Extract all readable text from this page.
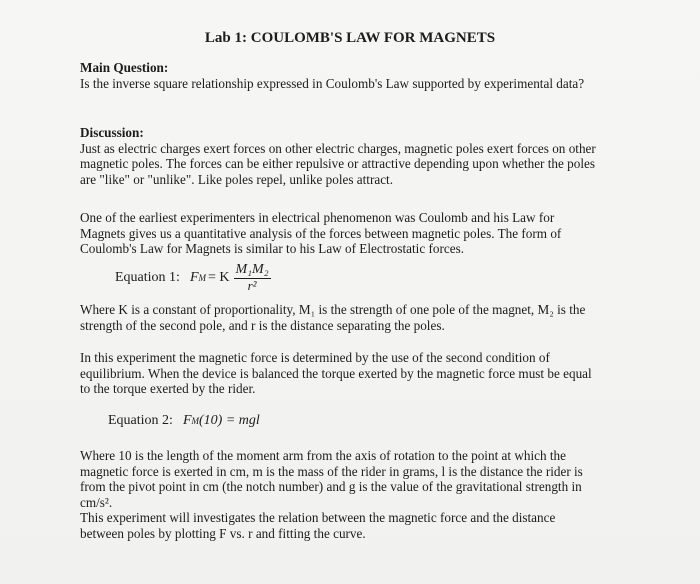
Lab 1: COULOMB'S LAW FOR MAGNETS
Main Question:

Is the inverse square relationship expressed in Coulomb's Law supported by experimental data?

Discussion:

Just as electric charges exert forces on other electric charges, magnetic poles exert forces on other magnetic poles. The forces can be either repulsive or attractive depending upon whether the poles are "like" or "unlike". Like poles repel, unlike poles attract.

One of the earliest experimenters in electrical phenomenon was Coulomb and his Law for Magnets gives us a quantitative analysis of the forces between magnetic poles. The form of Coulomb's Law for Magnets is similar to his Law of Electrostatic forces.

Equation 1: F M = K $\frac{\text{M₁M₂}}{\text{r²}}$

Where K is a constant of proportionality, M₁ is the strength of one pole of the magnet, M₂ is the strength of the second pole, and r is the distance separating the poles.

In this experiment the magnetic force is determined by the use of the second condition of equilibrium. When the device is balanced the torque exerted by the magnetic force must be equal to the torque exerted by the rider.

Equation 2: F M (10) = mgl

Where 10 is the length of the moment arm from the axis of rotation to the point at which the magnetic force is exerted in cm, m is the mass of the rider in grams, l is the distance the rider is from the pivot point in cm (the notch number) and g is the value of the gravitational strength in cm/s².

This experiment will investigates the relation between the magnetic force and the distance between poles by plotting F vs. r and fitting the curve.
